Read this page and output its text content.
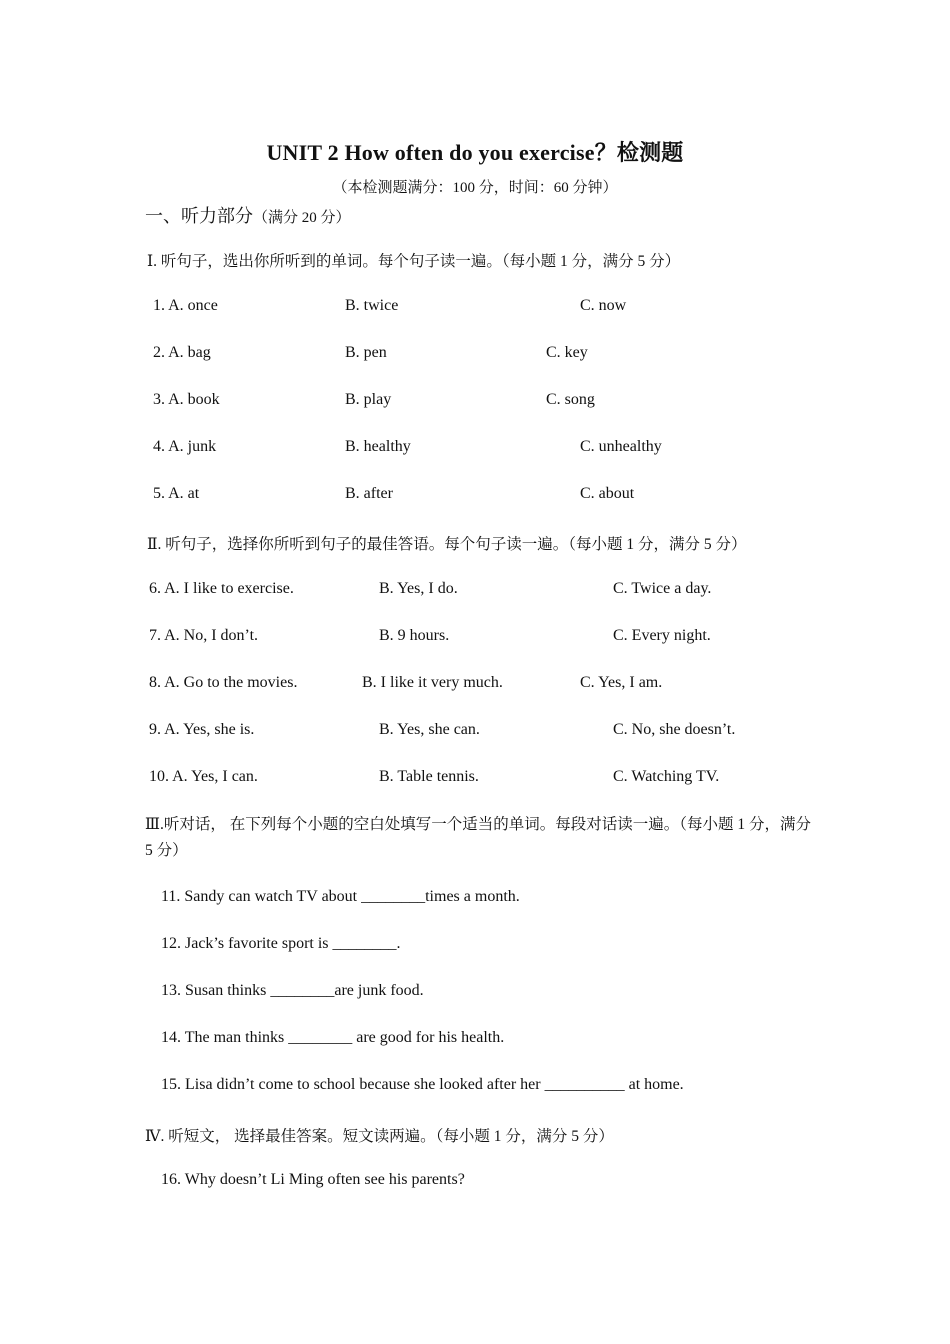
UNIT 2 How often do you exercise？检测题
（本检测题满分：100 分，时间：60 分钟）
一、听力部分（满分 20 分）
Ⅰ. 听句子，选出你所听到的单词。每个句子读一遍。（每小题 1 分，满分 5 分）
1. A. once	B. twice	C. now
2. A. bag	B. pen	C. key
3. A. book	B. play	C. song
4. A. junk	B. healthy	C. unhealthy
5. A. at	B. after	C. about
Ⅱ. 听句子，选择你所听到句子的最佳答语。每个句子读一遍。（每小题 1 分，满分 5 分）
6. A. I like to exercise.	B. Yes, I do.	C. Twice a day.
7. A. No, I don’t.	B. 9 hours.	C. Every night.
8. A. Go to the movies.	B. I like it very much.	C. Yes, I am.
9. A. Yes, she is.	B. Yes, she can.	C. No, she doesn’t.
10. A. Yes, I can.	B. Table tennis.	C. Watching TV.
Ⅲ.听对话， 在下列每个小题的空白处填写一个适当的单词。每段对话读一遍。（每小题 1 分，满分 5 分）
11. Sandy can watch TV about ________times a month.
12. Jack’s favorite sport is ________.
13. Susan thinks ________are junk food.
14. The man thinks ________ are good for his health.
15. Lisa didn’t come to school because she looked after her __________ at home.
Ⅳ. 听短文， 选择最佳答案。短文读两遍。（每小题 1 分，满分 5 分）
16. Why doesn’t Li Ming often see his parents?
